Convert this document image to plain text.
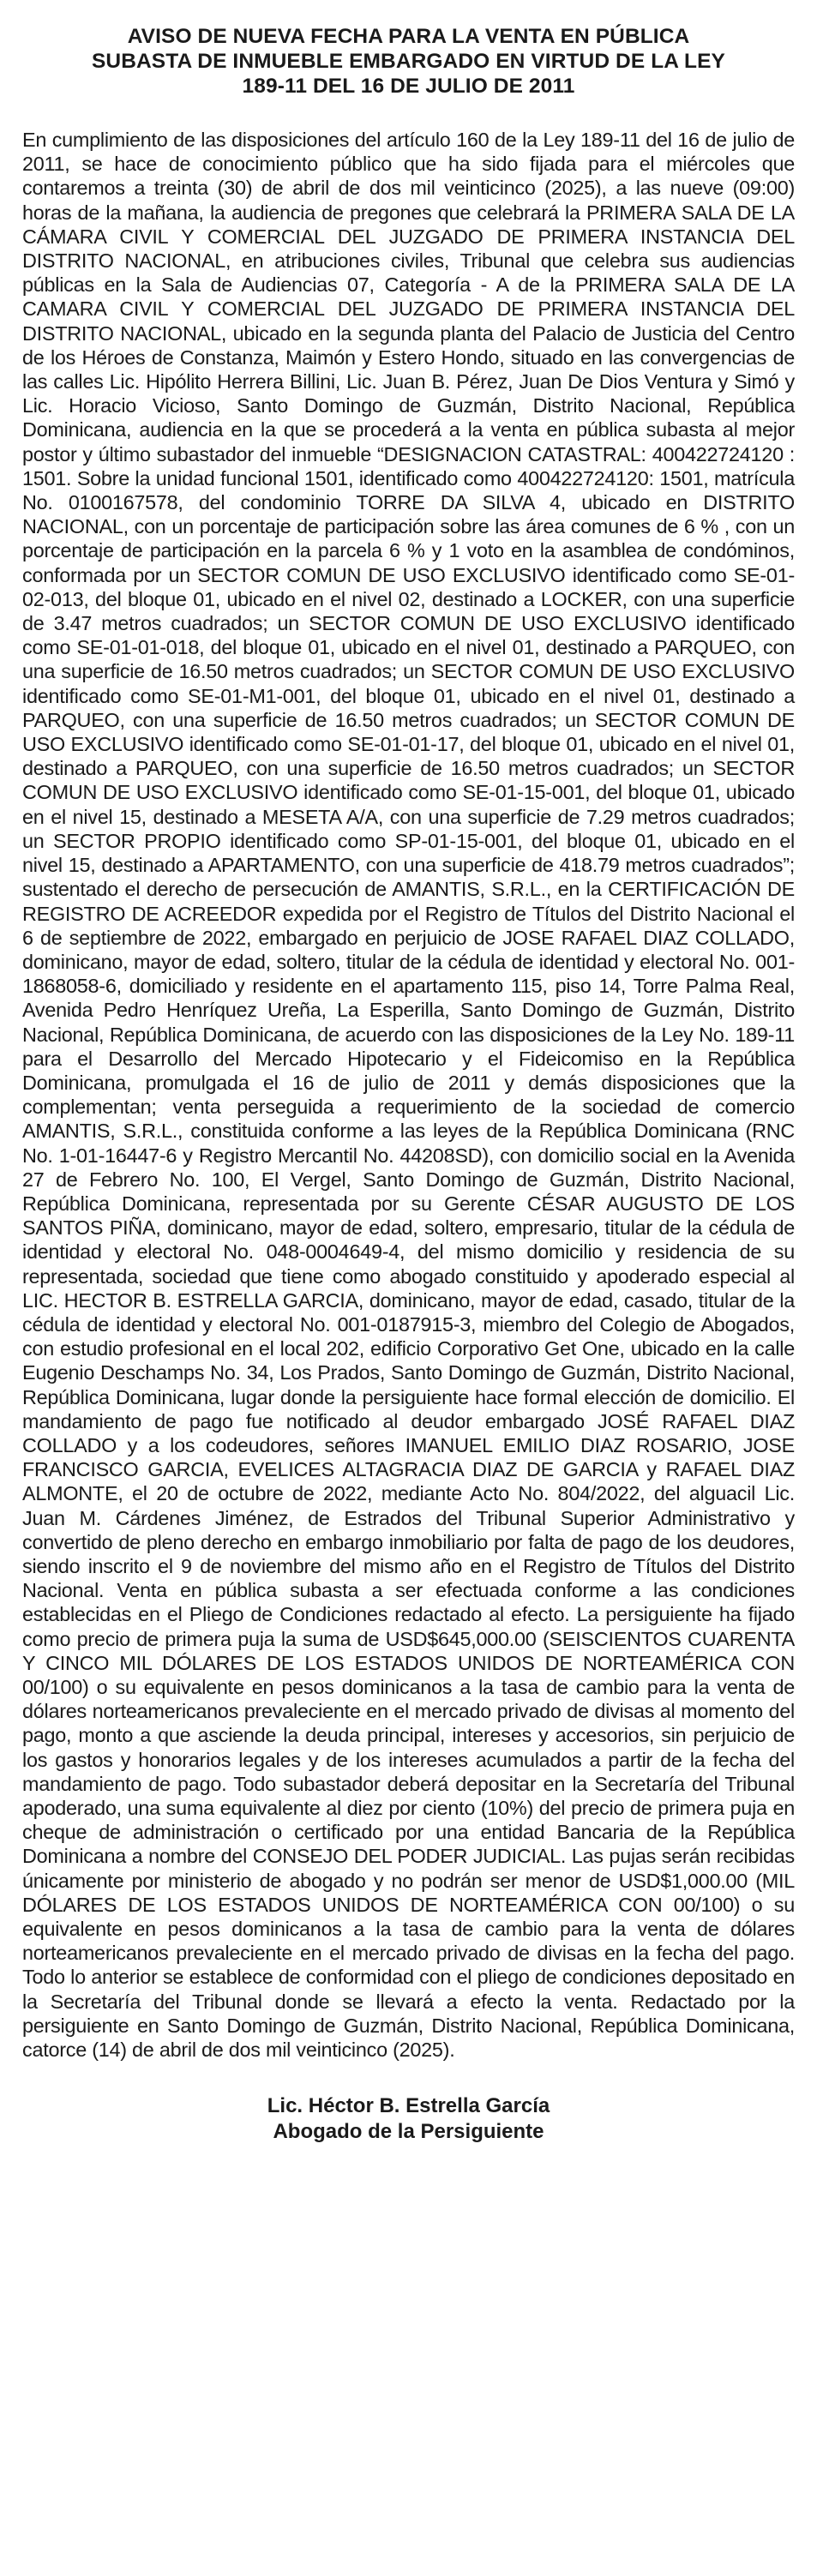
AVISO DE NUEVA FECHA PARA LA VENTA EN PÚBLICA
SUBASTA DE INMUEBLE EMBARGADO EN VIRTUD DE LA LEY
189-11 DEL 16 DE JULIO DE 2011

En cumplimiento de las disposiciones del artículo 160 de la Ley 189-11 del 16 de julio de 2011, se hace de conocimiento público que ha sido fijada para el miércoles que contaremos a treinta (30) de abril de dos mil veinticinco (2025), a las nueve (09:00) horas de la mañana, la audiencia de pregones que celebrará la PRIMERA SALA DE LA CÁMARA CIVIL Y COMERCIAL DEL JUZGADO DE PRIMERA INSTANCIA DEL DISTRITO NACIONAL, en atribuciones civiles, Tribunal que celebra sus audiencias públicas en la Sala de Audiencias 07, Categoría - A de la PRIMERA SALA DE LA CAMARA CIVIL Y COMERCIAL DEL JUZGADO DE PRIMERA INSTANCIA DEL DISTRITO NACIONAL, ubicado en la segunda planta del Palacio de Justicia del Centro de los Héroes de Constanza, Maimón y Estero Hondo, situado en las convergencias de las calles Lic. Hipólito Herrera Billini, Lic. Juan B. Pérez, Juan De Dios Ventura y Simó y Lic. Horacio Vicioso, Santo Domingo de Guzmán, Distrito Nacional, República Dominicana, audiencia en la que se procederá a la venta en pública subasta al mejor postor y último subastador del inmueble “DESIGNACION CATASTRAL: 400422724120 : 1501. Sobre la unidad funcional 1501, identificado como 400422724120: 1501, matrícula No. 0100167578, del condominio TORRE DA SILVA 4, ubicado en DISTRITO NACIONAL, con un porcentaje de participación sobre las área comunes de 6 % , con un porcentaje de participación en la parcela 6 % y 1 voto en la asamblea de condóminos, conformada por un SECTOR COMUN DE USO EXCLUSIVO identificado como SE-01-02-013, del bloque 01, ubicado en el nivel 02, destinado a LOCKER, con una superficie de 3.47 metros cuadrados; un SECTOR COMUN DE USO EXCLUSIVO identificado como SE-01-01-018, del bloque 01, ubicado en el nivel 01, destinado a PARQUEO, con una superficie de 16.50 metros cuadrados; un SECTOR COMUN DE USO EXCLUSIVO identificado como SE-01-M1-001, del bloque 01, ubicado en el nivel 01, destinado a PARQUEO, con una superficie de 16.50 metros cuadrados; un SECTOR COMUN DE USO EXCLUSIVO identificado como SE-01-01-17, del bloque 01, ubicado en el nivel 01, destinado a PARQUEO, con una superficie de 16.50 metros cuadrados; un SECTOR COMUN DE USO EXCLUSIVO identificado como SE-01-15-001, del bloque 01, ubicado en el nivel 15, destinado a MESETA A/A, con una superficie de 7.29 metros cuadrados; un SECTOR PROPIO identificado como SP-01-15-001, del bloque 01, ubicado en el nivel 15, destinado a APARTAMENTO, con una superficie de 418.79 metros cuadrados”; sustentado el derecho de persecución de AMANTIS, S.R.L., en la CERTIFICACIÓN DE REGISTRO DE ACREEDOR expedida por el Registro de Títulos del Distrito Nacional el 6 de septiembre de 2022, embargado en perjuicio de JOSE RAFAEL DIAZ COLLADO, dominicano, mayor de edad, soltero, titular de la cédula de identidad y electoral No. 001-1868058-6, domiciliado y residente en el apartamento 115, piso 14, Torre Palma Real, Avenida Pedro Henríquez Ureña, La Esperilla, Santo Domingo de Guzmán, Distrito Nacional, República Dominicana, de acuerdo con las disposiciones de la Ley No. 189-11 para el Desarrollo del Mercado Hipotecario y el Fideicomiso en la República Dominicana, promulgada el 16 de julio de 2011 y demás disposiciones que la complementan; venta perseguida a requerimiento de la sociedad de comercio AMANTIS, S.R.L., constituida conforme a las leyes de la República Dominicana (RNC No. 1-01-16447-6 y Registro Mercantil No. 44208SD), con domicilio social en la Avenida 27 de Febrero No. 100, El Vergel, Santo Domingo de Guzmán, Distrito Nacional, República Dominicana, representada por su Gerente CÉSAR AUGUSTO DE LOS SANTOS PIÑA, dominicano, mayor de edad, soltero, empresario, titular de la cédula de identidad y electoral No. 048-0004649-4, del mismo domicilio y residencia de su representada, sociedad que tiene como abogado constituido y apoderado especial al LIC. HECTOR B. ESTRELLA GARCIA, dominicano, mayor de edad, casado, titular de la cédula de identidad y electoral No. 001-0187915-3, miembro del Colegio de Abogados, con estudio profesional en el local 202, edificio Corporativo Get One, ubicado en la calle Eugenio Deschamps No. 34, Los Prados, Santo Domingo de Guzmán, Distrito Nacional, República Dominicana, lugar donde la persiguiente hace formal elección de domicilio. El mandamiento de pago fue notificado al deudor embargado JOSÉ RAFAEL DIAZ COLLADO y a los codeudores, señores IMANUEL EMILIO DIAZ ROSARIO, JOSE FRANCISCO GARCIA, EVELICES ALTAGRACIA DIAZ DE GARCIA y RAFAEL DIAZ ALMONTE, el 20 de octubre de 2022, mediante Acto No. 804/2022, del alguacil Lic. Juan M. Cárdenes Jiménez, de Estrados del Tribunal Superior Administrativo y convertido de pleno derecho en embargo inmobiliario por falta de pago de los deudores, siendo inscrito el 9 de noviembre del mismo año en el Registro de Títulos del Distrito Nacional. Venta en pública subasta a ser efectuada conforme a las condiciones establecidas en el Pliego de Condiciones redactado al efecto. La persiguiente ha fijado como precio de primera puja la suma de USD$645,000.00 (SEISCIENTOS CUARENTA Y CINCO MIL DÓLARES DE LOS ESTADOS UNIDOS DE NORTEAMÉRICA CON 00/100) o su equivalente en pesos dominicanos a la tasa de cambio para la venta de dólares norteamericanos prevaleciente en el mercado privado de divisas al momento del pago, monto a que asciende la deuda principal, intereses y accesorios, sin perjuicio de los gastos y honorarios legales y de los intereses acumulados a partir de la fecha del mandamiento de pago. Todo subastador deberá depositar en la Secretaría del Tribunal apoderado, una suma equivalente al diez por ciento (10%) del precio de primera puja en cheque de administración o certificado por una entidad Bancaria de la República Dominicana a nombre del CONSEJO DEL PODER JUDICIAL. Las pujas serán recibidas únicamente por ministerio de abogado y no podrán ser menor de USD$1,000.00 (MIL DÓLARES DE LOS ESTADOS UNIDOS DE NORTEAMÉRICA CON 00/100) o su equivalente en pesos dominicanos a la tasa de cambio para la venta de dólares norteamericanos prevaleciente en el mercado privado de divisas en la fecha del pago. Todo lo anterior se establece de conformidad con el pliego de condiciones depositado en la Secretaría del Tribunal donde se llevará a efecto la venta. Redactado por la persiguiente en Santo Domingo de Guzmán, Distrito Nacional, República Dominicana, catorce (14) de abril de dos mil veinticinco (2025).

Lic. Héctor B. Estrella García
Abogado de la Persiguiente
